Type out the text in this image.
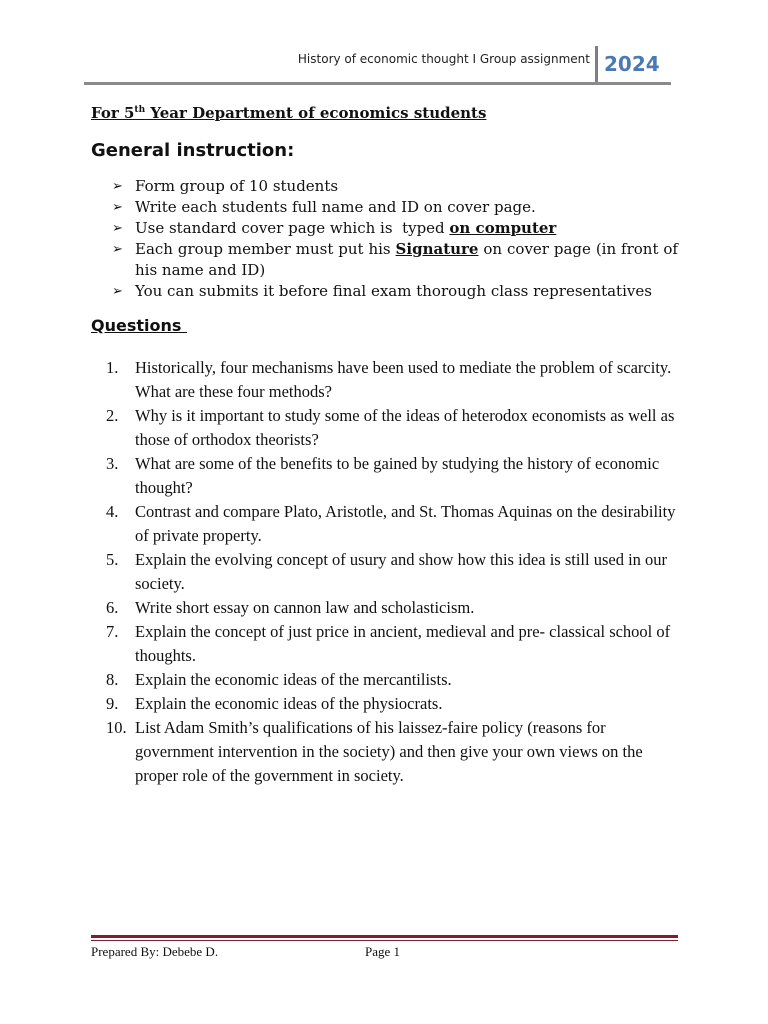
History of economic thought I Group assignment 2024
For 5th Year Department of economics students
General instruction:
➢ Form group of 10 students
➢ Write each students full name and ID on cover page.
➢ Use standard cover page which is  typed on computer
➢ Each group member must put his Signature on cover page (in front of his name and ID)
➢ You can submits it before final exam thorough class representatives
Questions
1. Historically, four mechanisms have been used to mediate the problem of scarcity. What are these four methods?
2. Why is it important to study some of the ideas of heterodox economists as well as those of orthodox theorists?
3. What are some of the benefits to be gained by studying the history of economic thought?
4. Contrast and compare Plato, Aristotle, and St. Thomas Aquinas on the desirability of private property.
5. Explain the evolving concept of usury and show how this idea is still used in our society.
6. Write short essay on cannon law and scholasticism.
7. Explain the concept of just price in ancient, medieval and pre- classical school of thoughts.
8. Explain the economic ideas of the mercantilists.
9. Explain the economic ideas of the physiocrats.
10. List Adam Smith’s qualifications of his laissez-faire policy (reasons for government intervention in the society) and then give your own views on the proper role of the government in society.
Prepared By: Debebe D.	Page 1
